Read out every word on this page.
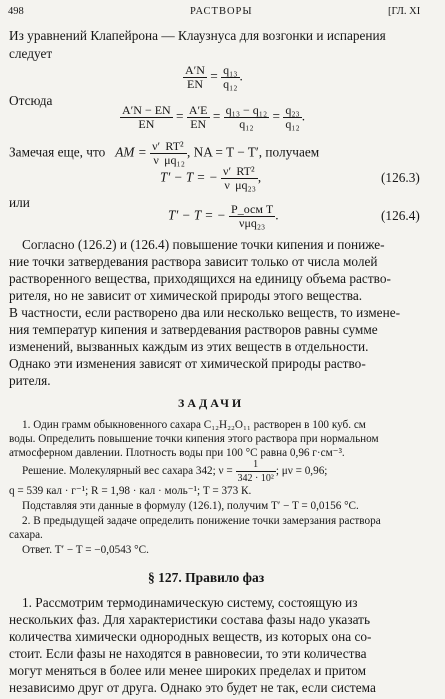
498	РАСТВОРЫ	[ГЛ. XI
Из уравнений Клапейрона — Клаузнуса для возгонки и испарения
следует
$\frac{A'N}{EN} = \frac{\text{q₁₃}}{\text{q₁₂}}$ .
Отсюда
$\frac{A'N - EN}{EN} = \frac{A'E}{EN} = \frac{\text{q₁₃ − q₁₂}}{\text{q₁₂}} = \frac{\text{q₂₃}}{\text{q₁₂}}$ .
Замечая еще, что AM = $\frac{\nu'}{\nu} \frac{\text{RT²}}{\text{μq₁₂}}$ , NA = T − T′, получаем
T′ − T = − $\frac{\nu'}{\nu} \frac{\text{RT²}}{\text{μq₂₃}}$ ,	(126.3)
или
T′ − T = − $\frac{\text{P\_осм T}}{\text{νμq₂₃}}$ .	(126.4)
Согласно (126.2) и (126.4) повышение точки кипения и пониже-
ние точки затвердевания раствора зависит только от числа молей
растворенного вещества, приходящихся на единицу объема раство-
рителя, но не зависит от химической природы этого вещества.
В частности, если растворено два или несколько веществ, то измене-
ния температур кипения и затвердевания растворов равны сумме
изменений, вызванных каждым из этих веществ в отдельности.
Однако эти изменения зависят от химической природы раство-
рителя.
ЗАДАЧИ
1. Один грамм обыкновенного сахара C₁₂H₂₂O₁₁ растворен в 100 куб. см
воды. Определить повышение точки кипения этого раствора при нормальном
атмосферном давлении. Плотность воды при 100 °С равна 0,96 г·см⁻³.
Решение. Молекулярный вес сахара 342; $\nu = \frac{1}{\text{342 · 10²}}$ ; μν = 0,96;
q = 539 кал · г⁻¹; R = 1,98 · кал · моль⁻¹; T = 373 К.
Подставляя эти данные в формулу (126.1), получим T′ − T = 0,0156 °С.
2. В предыдущей задаче определить понижение точки замерзания раствора
сахара.
Ответ. T′ − T = −0,0543 °С.
§ 127. Правило фаз
1. Рассмотрим термодинамическую систему, состоящую из
нескольких фаз. Для характеристики состава фазы надо указать
количества химически однородных веществ, из которых она со-
стоит. Если фазы не находятся в равновесии, то эти количества
могут меняться в более или менее широких пределах и притом
независимо друг от друга. Однако это будет не так, если система
